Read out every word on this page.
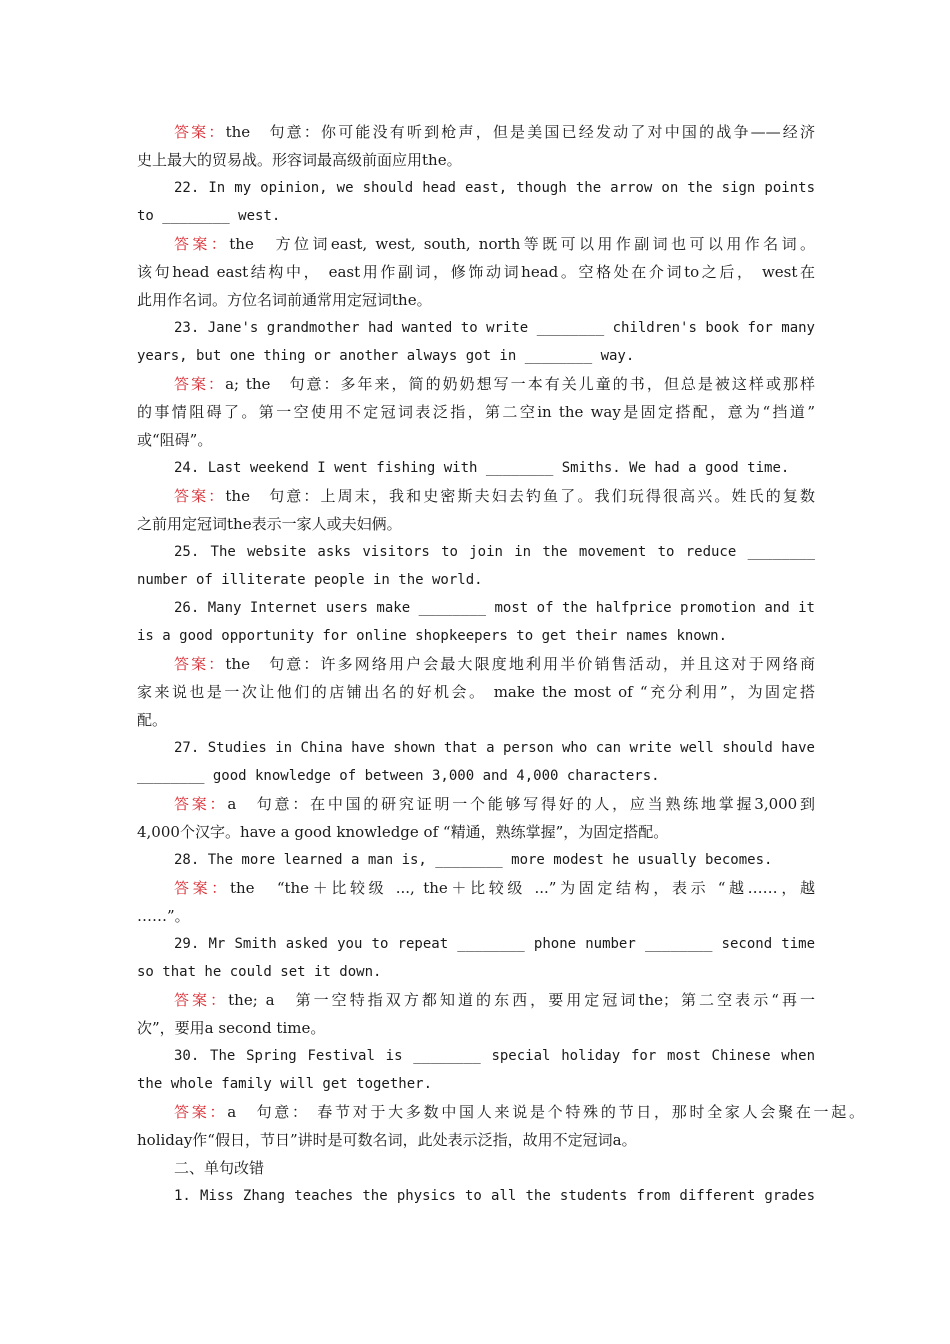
答案：the　句意：你可能没有听到枪声，但是美国已经发动了对中国的战争——经济
史上最大的贸易战。形容词最高级前面应用the。
22. In my opinion, we should head east, though the arrow on the sign points
to ________ west.
答案：the　方位词east, west, south, north等既可以用作副词也可以用作名词。
该句head east结构中， east用作副词，修饰动词head。空格处在介词to之后， west在
此用作名词。方位名词前通常用定冠词the。
23. Jane's grandmother had wanted to write ________ children's book for many
years, but one thing or another always got in ________ way.
答案：a; the　句意：多年来，简的奶奶想写一本有关儿童的书，但总是被这样或那样
的事情阻碍了。第一空使用不定冠词表泛指，第二空in the way是固定搭配，意为“挡道”
或“阻碍”。
24. Last weekend I went fishing with ________ Smiths. We had a good time.
答案：the　句意：上周末，我和史密斯夫妇去钓鱼了。我们玩得很高兴。姓氏的复数
之前用定冠词the表示一家人或夫妇俩。
25. The website asks visitors to join in the movement to reduce ________
number of illiterate people in the world.
26. Many Internet users make ________ most of the halfprice promotion and it
is a good opportunity for online shopkeepers to get their names known.
答案：the　句意：许多网络用户会最大限度地利用半价销售活动，并且这对于网络商
家来说也是一次让他们的店铺出名的好机会。 make the most of “充分利用”，为固定搭
配。
27. Studies in China have shown that a person who can write well should have
________ good knowledge of between 3,000 and 4,000 characters.
答案：a　句意：在中国的研究证明一个能够写得好的人，应当熟练地掌握3,000到
4,000个汉字。have a good knowledge of “精通，熟练掌握”，为固定搭配。
28. The more learned a man is, ________ more modest he usually becomes.
答案：the　“the＋比较级 ..., the＋比较级 ...”为固定结构，表示 “越……，越
……”。
29. Mr Smith asked you to repeat ________ phone number ________ second time
so that he could set it down.
答案：the; a　第一空特指双方都知道的东西，要用定冠词the；第二空表示“再一
次”，要用a second time。
30. The Spring Festival is ________ special holiday for most Chinese when
the whole family will get together.
答案：a　句意： 春节对于大多数中国人来说是个特殊的节日，那时全家人会聚在一起。
holiday作“假日，节日”讲时是可数名词，此处表示泛指，故用不定冠词a。
二、单句改错
1. Miss Zhang teaches the physics to all the students from different grades
